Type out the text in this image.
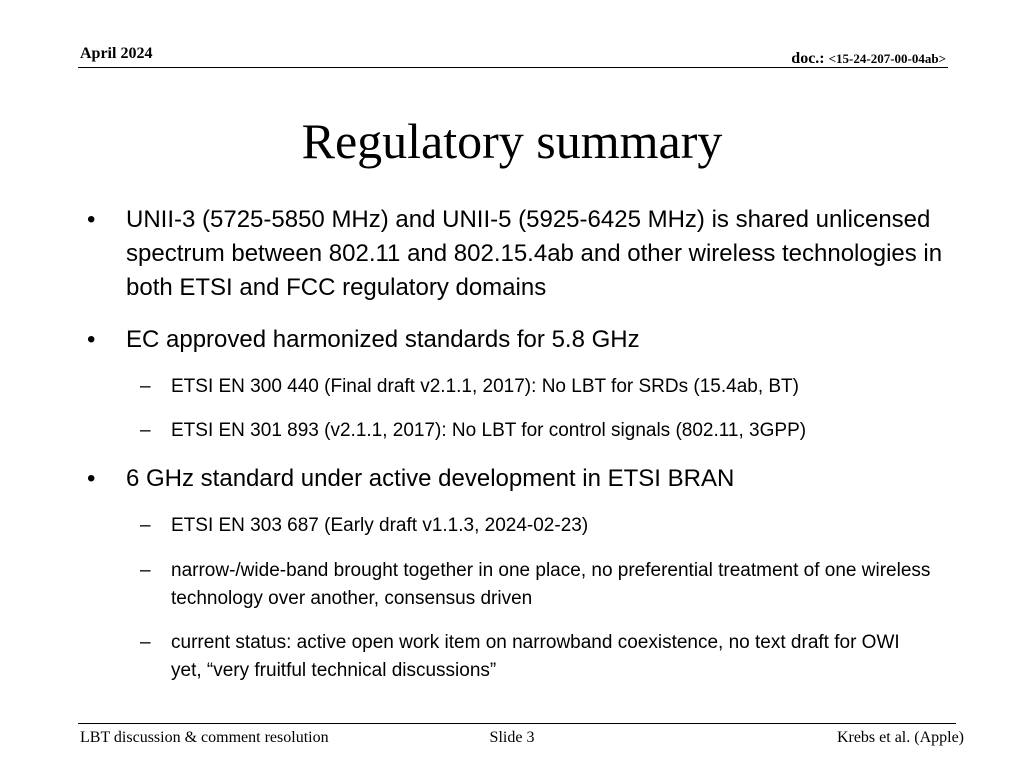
April 2024	doc.: <15-24-207-00-04ab>
Regulatory summary
• UNII-3 (5725-5850 MHz) and UNII-5 (5925-6425 MHz) is shared unlicensed spectrum between 802.11 and 802.15.4ab and other wireless technologies in both ETSI and FCC regulatory domains
• EC approved harmonized standards for 5.8 GHz
– ETSI EN 300 440 (Final draft v2.1.1, 2017): No LBT for SRDs (15.4ab, BT)
– ETSI EN 301 893 (v2.1.1, 2017): No LBT for control signals (802.11, 3GPP)
• 6 GHz standard under active development in ETSI BRAN
– ETSI EN 303 687 (Early draft v1.1.3, 2024-02-23)
– narrow-/wide-band brought together in one place, no preferential treatment of one wireless technology over another, consensus driven
– current status: active open work item on narrowband coexistence, no text draft for OWI yet, “very fruitful technical discussions”
LBT discussion & comment resolution	Slide 3	Krebs et al. (Apple)
